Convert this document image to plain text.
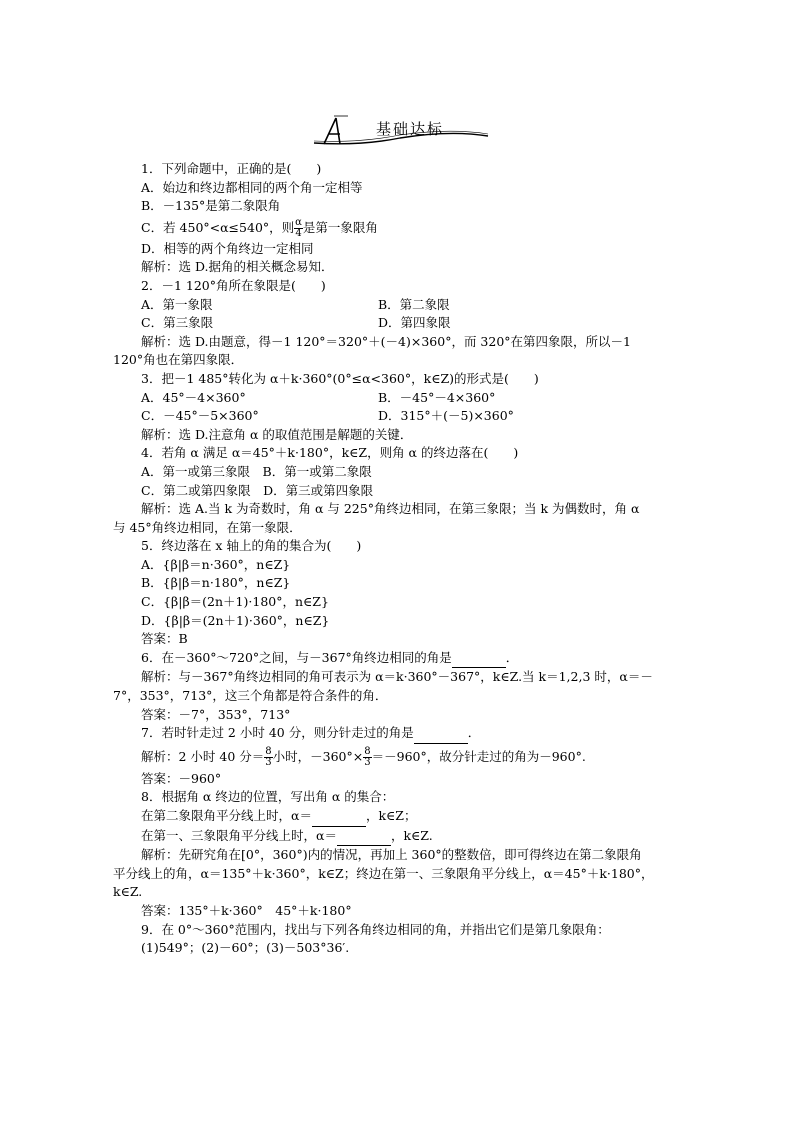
基础达标
1．下列命题中，正确的是(　　)
A．始边和终边都相同的两个角一定相等
B．－135°是第二象限角
C．若 450°<α≤540°，则 $\frac{\alpha}{4}$ 是第一象限角
D．相等的两个角终边一定相同
解析：选 D.据角的相关概念易知．
2．－1 120°角所在象限是(　　)
A．第一象限	B．第二象限
C．第三象限	D．第四象限
解析：选 D.由题意，得－1 120°＝320°＋(－4)×360°，而 320°在第四象限，所以－1
120°角也在第四象限．
3．把－1 485°转化为 α＋k·360°(0°≤α<360°，k∈Z)的形式是(　　)
A．45°－4×360°	B．－45°－4×360°
C．－45°－5×360°	D．315°＋(－5)×360°
解析：选 D.注意角 α 的取值范围是解题的关键．
4．若角 α 满足 α＝45°＋k·180°，k∈Z，则角 α 的终边落在(　　)
A．第一或第三象限　B．第一或第二象限
C．第二或第四象限　D．第三或第四象限
解析：选 A.当 k 为奇数时，角 α 与 225°角终边相同，在第三象限；当 k 为偶数时，角 α
与 45°角终边相同，在第一象限．
5．终边落在 x 轴上的角的集合为(　　)
A．{β|β＝n·360°，n∈Z}
B．{β|β＝n·180°，n∈Z}
C．{β|β＝(2n＋1)·180°，n∈Z}
D．{β|β＝(2n＋1)·360°，n∈Z}
答案：B
6．在－360°～720°之间，与－367°角终边相同的角是	．
解析：与－367°角终边相同的角可表示为 α＝k·360°－367°，k∈Z.当 k＝1,2,3 时，α＝－
7°，353°，713°，这三个角都是符合条件的角．
答案：－7°，353°，713°
7．若时针走过 2 小时 40 分，则分针走过的角是	．
解析：2 小时 40 分＝ $\frac{8}{3}$ 小时，$-360^\circ\times \frac{8}{3} =-960^\circ$，故分针走过的角为－960°.
答案：－960°
8．根据角 α 终边的位置，写出角 α 的集合：
在第二象限角平分线上时，α＝	，k∈Z；
在第一、三象限角平分线上时，α＝	，k∈Z.
解析：先研究角在[0°，360°)内的情况，再加上 360°的整数倍，即可得终边在第二象限角
平分线上的角，α＝135°＋k·360°，k∈Z；终边在第一、三象限角平分线上，α＝45°＋k·180°，
k∈Z.
答案：135°＋k·360°　45°＋k·180°
9．在 0°～360°范围内，找出与下列各角终边相同的角，并指出它们是第几象限角：
(1)549°；(2)－60°；(3)－503°36′.
